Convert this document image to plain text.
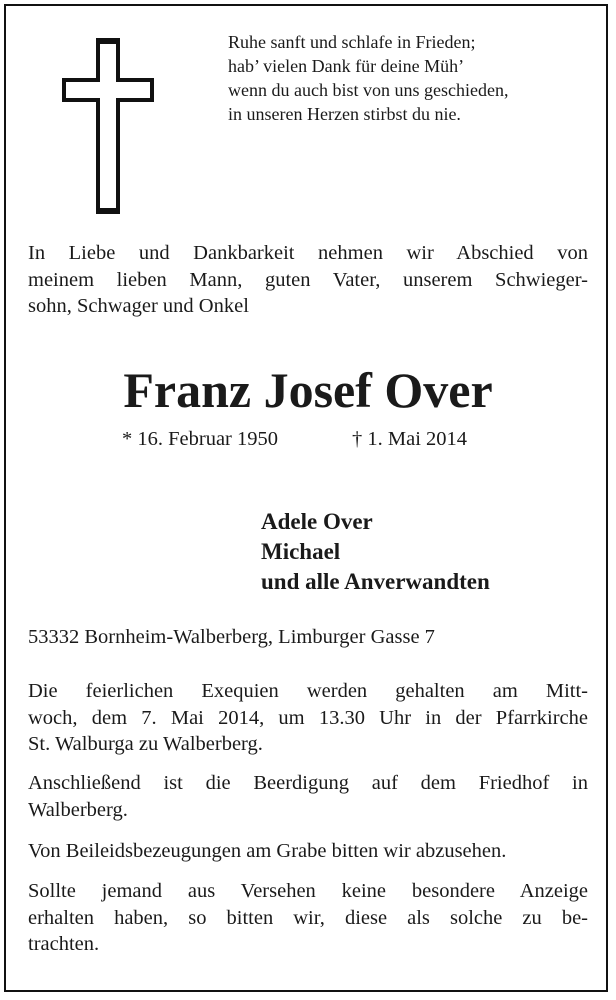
Ruhe sanft und schlafe in Frieden;
hab’ vielen Dank für deine Müh’
wenn du auch bist von uns geschieden,
in unseren Herzen stirbst du nie.
In Liebe und Dankbarkeit nehmen wir Abschied von
meinem lieben Mann, guten Vater, unserem Schwieger-
sohn, Schwager und Onkel
Franz Josef Over
* 16. Februar 1950	† 1. Mai 2014
Adele Over
Michael
und alle Anverwandten
53332 Bornheim-Walberberg, Limburger Gasse 7
Die feierlichen Exequien werden gehalten am Mitt-
woch, dem 7. Mai 2014, um 13.30 Uhr in der Pfarrkirche
St. Walburga zu Walberberg.
Anschließend ist die Beerdigung auf dem Friedhof in
Walberberg.
Von Beileidsbezeugungen am Grabe bitten wir abzusehen.
Sollte jemand aus Versehen keine besondere Anzeige
erhalten haben, so bitten wir, diese als solche zu be-
trachten.
